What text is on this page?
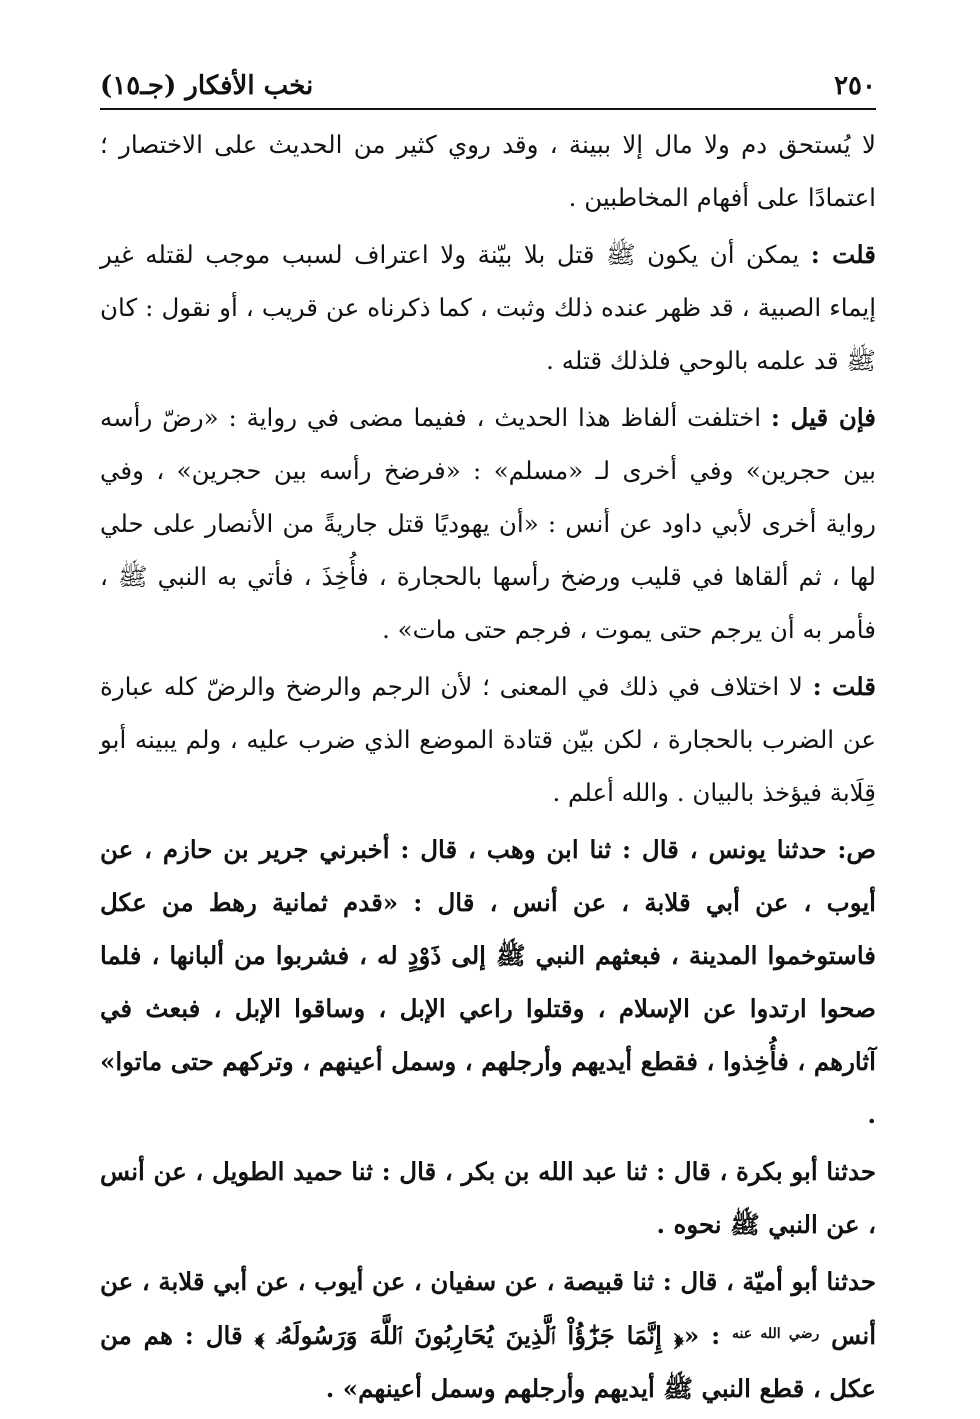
٢٥٠
نخب الأفكار (جـ١٥)

لا يُستحق دم ولا مال إلا ببينة ، وقد روي كثير من الحديث على الاختصار ؛ اعتمادًا على أفهام المخاطبين .

قلت : يمكن أن يكون ﷺ قتل بلا بيّنة ولا اعتراف لسبب موجب لقتله غير إيماء الصبية ، قد ظهر عنده ذلك وثبت ، كما ذكرناه عن قريب ، أو نقول : كان ﷺ قد علمه بالوحي فلذلك قتله .

فإن قيل : اختلفت ألفاظ هذا الحديث ، ففيما مضى في رواية : «رضّ رأسه بين حجرين» وفي أخرى لـ «مسلم» : «فرضخ رأسه بين حجرين» ، وفي رواية أخرى لأبي داود عن أنس : «أن يهوديًا قتل جاريةً من الأنصار على حلي لها ، ثم ألقاها في قليب ورضخ رأسها بالحجارة ، فأُخِذَ ، فأتي به النبي ﷺ ، فأمر به أن يرجم حتى يموت ، فرجم حتى مات» .

قلت : لا اختلاف في ذلك في المعنى ؛ لأن الرجم والرضخ والرضّ كله عبارة عن الضرب بالحجارة ، لكن بيّن قتادة الموضع الذي ضرب عليه ، ولم يبينه أبو قِلَابة فيؤخذ بالبيان . والله أعلم .

ص: حدثنا يونس ، قال : ثنا ابن وهب ، قال : أخبرني جرير بن حازم ، عن أيوب ، عن أبي قلابة ، عن أنس ، قال : «قدم ثمانية رهط من عكل فاستوخموا المدينة ، فبعثهم النبي ﷺ إلى ذَوْدٍ له ، فشربوا من ألبانها ، فلما صحوا ارتدوا عن الإسلام ، وقتلوا راعي الإبل ، وساقوا الإبل ، فبعث في آثارهم ، فأُخِذوا ، فقطع أيديهم وأرجلهم ، وسمل أعينهم ، وتركهم حتى ماتوا» .

حدثنا أبو بكرة ، قال : ثنا عبد الله بن بكر ، قال : ثنا حميد الطويل ، عن أنس ، عن النبي ﷺ نحوه .

حدثنا أبو أميّة ، قال : ثنا قبيصة ، عن سفيان ، عن أيوب ، عن أبي قلابة ، عن أنس $^{رضي الله عنه}$ : «﴿ إِنَّمَا جَزَٰٓؤُاْ ٱلَّذِينَ يُحَارِبُونَ ٱللَّهَ وَرَسُولَهُۥ ﴾ قال : هم من عكل ، قطع النبي ﷺ أيديهم وأرجلهم وسمل أعينهم» .
